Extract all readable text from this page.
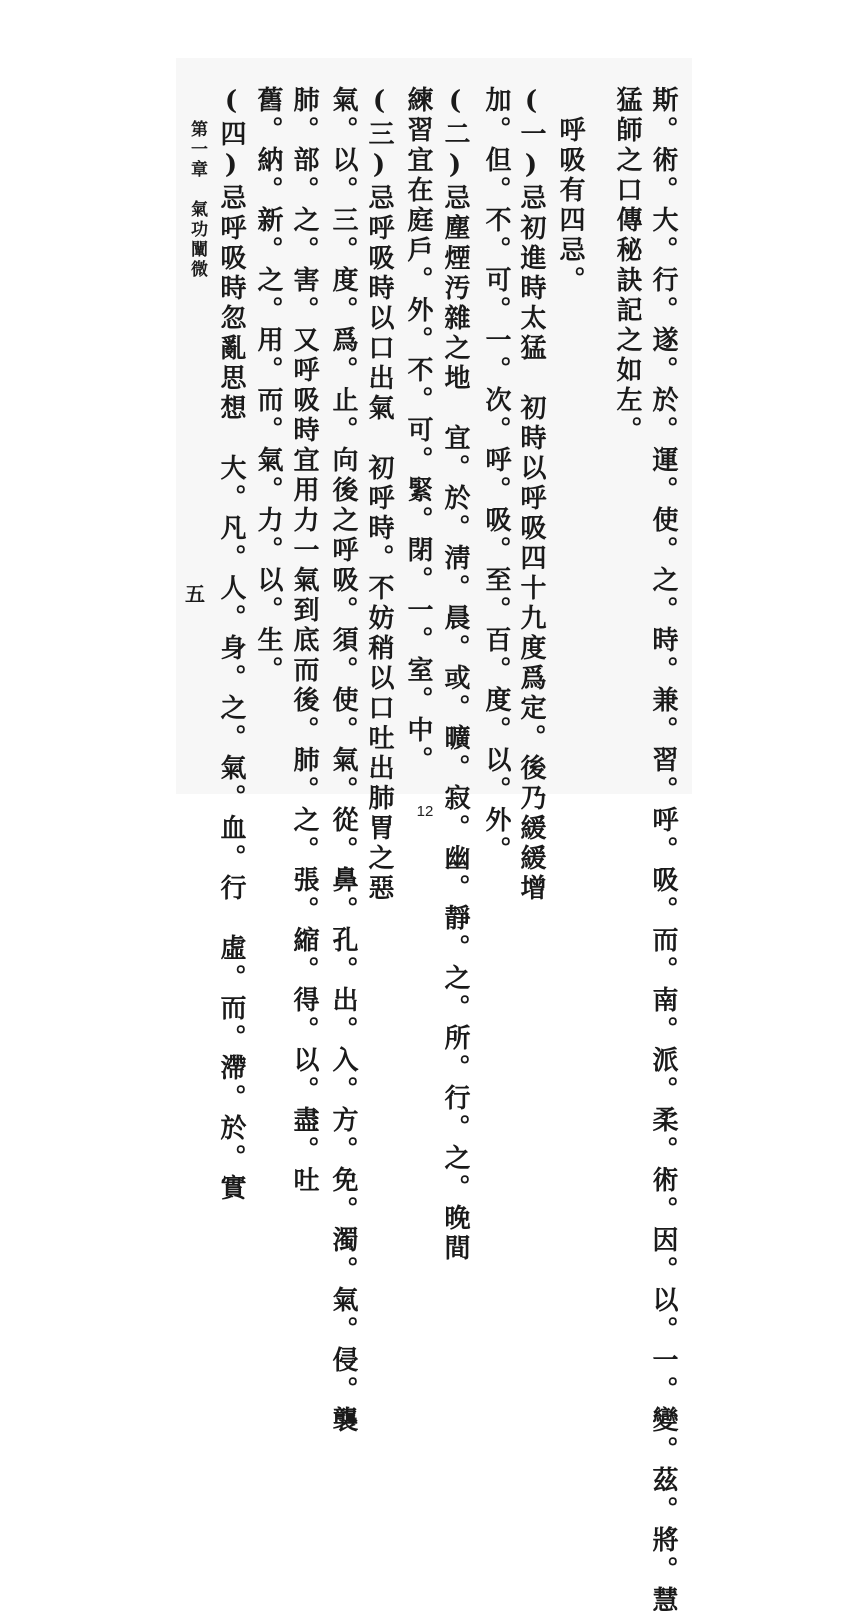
斯。術。大。行。遂。於。運。使。之。時。兼。習。呼。吸。而。南。派。柔。術。因。以。一。變。茲。將。慧
猛師之口傳秘訣記之如左。
呼吸有四忌。
(一)忌初進時太猛　初時以呼吸四十九度爲定。後乃緩緩增
加。但。不。可。一。次。呼。吸。至。百。度。以。外。
(二)忌塵煙汚雜之地　宜。於。淸。晨。或。曠。寂。幽。靜。之。所。行。之。晚間
練習宜在庭戶。外。不。可。緊。閉。一。室。中。
(三)忌呼吸時以口出氣　初呼時。不妨稍以口吐出肺胃之惡
氣。以。三。度。爲。止。向後之呼吸。須。使。氣。從。鼻。孔。出。入。方。免。濁。氣。侵。襲
肺。部。之。害。又呼吸時宜用力一氣到底而後。肺。之。張。縮。得。以。盡。吐
舊。納。新。之。用。而。氣。力。以。生。
(四)忌呼吸時忽亂思想　大。凡。人。身。之。氣。血。行　虛。而。滯。於。實
第一章　氣功闡微
五
12
